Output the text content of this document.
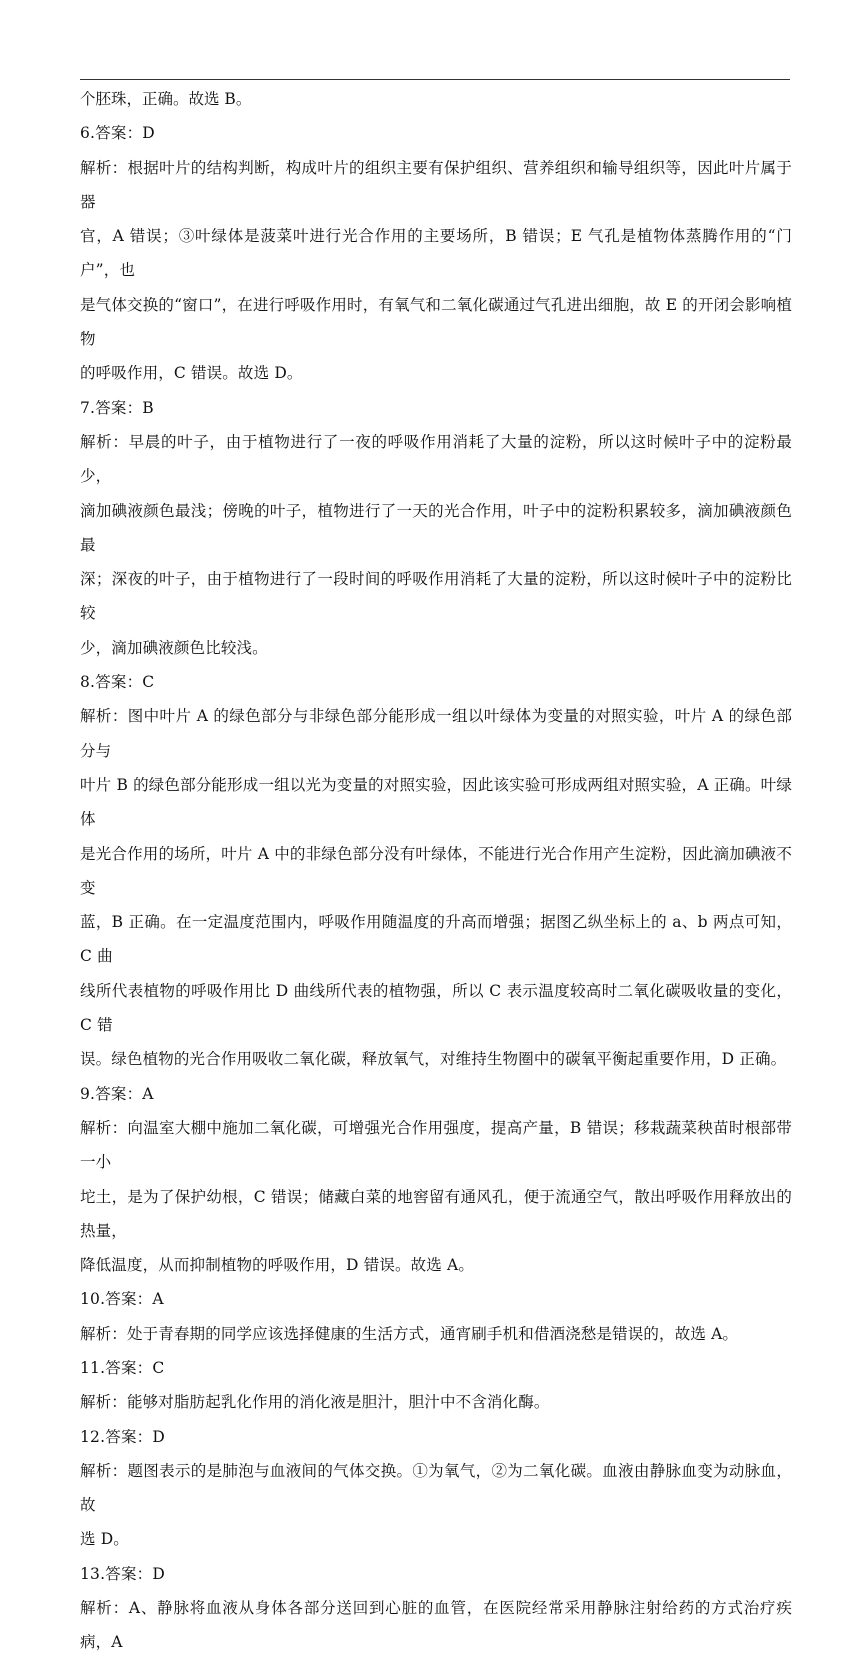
个胚珠，正确。故选 B。

6.答案：D

解析：根据叶片的结构判断，构成叶片的组织主要有保护组织、营养组织和输导组织等，因此叶片属于器

官，A 错误；③叶绿体是菠菜叶进行光合作用的主要场所，B 错误；E 气孔是植物体蒸腾作用的“门户”，也

是气体交换的“窗口”，在进行呼吸作用时，有氧气和二氧化碳通过气孔进出细胞，故 E 的开闭会影响植物

的呼吸作用，C 错误。故选 D。

7.答案：B

解析：早晨的叶子，由于植物进行了一夜的呼吸作用消耗了大量的淀粉，所以这时候叶子中的淀粉最少，

滴加碘液颜色最浅；傍晚的叶子，植物进行了一天的光合作用，叶子中的淀粉积累较多，滴加碘液颜色最

深；深夜的叶子，由于植物进行了一段时间的呼吸作用消耗了大量的淀粉，所以这时候叶子中的淀粉比较

少，滴加碘液颜色比较浅。

8.答案：C

解析：图中叶片 A 的绿色部分与非绿色部分能形成一组以叶绿体为变量的对照实验，叶片 A 的绿色部分与

叶片 B 的绿色部分能形成一组以光为变量的对照实验，因此该实验可形成两组对照实验，A 正确。叶绿体

是光合作用的场所，叶片 A 中的非绿色部分没有叶绿体，不能进行光合作用产生淀粉，因此滴加碘液不变

蓝，B 正确。在一定温度范围内，呼吸作用随温度的升高而增强；据图乙纵坐标上的 a、b 两点可知，C 曲

线所代表植物的呼吸作用比 D 曲线所代表的植物强，所以 C 表示温度较高时二氧化碳吸收量的变化，C 错

误。绿色植物的光合作用吸收二氧化碳，释放氧气，对维持生物圈中的碳氧平衡起重要作用，D 正确。

9.答案：A

解析：向温室大棚中施加二氧化碳，可增强光合作用强度，提高产量，B 错误；移栽蔬菜秧苗时根部带一小

坨土，是为了保护幼根，C 错误；储藏白菜的地窖留有通风孔，便于流通空气，散出呼吸作用释放出的热量，

降低温度，从而抑制植物的呼吸作用，D 错误。故选 A。

10.答案：A

解析：处于青春期的同学应该选择健康的生活方式，通宵刷手机和借酒浇愁是错误的，故选 A。

11.答案：C

解析：能够对脂肪起乳化作用的消化液是胆汁，胆汁中不含消化酶。

12.答案：D

解析：题图表示的是肺泡与血液间的气体交换。①为氧气，②为二氧化碳。血液由静脉血变为动脉血，故

选 D。

13.答案：D

解析：A、静脉将血液从身体各部分送回到心脏的血管，在医院经常采用静脉注射给药的方式治疗疾病，A
